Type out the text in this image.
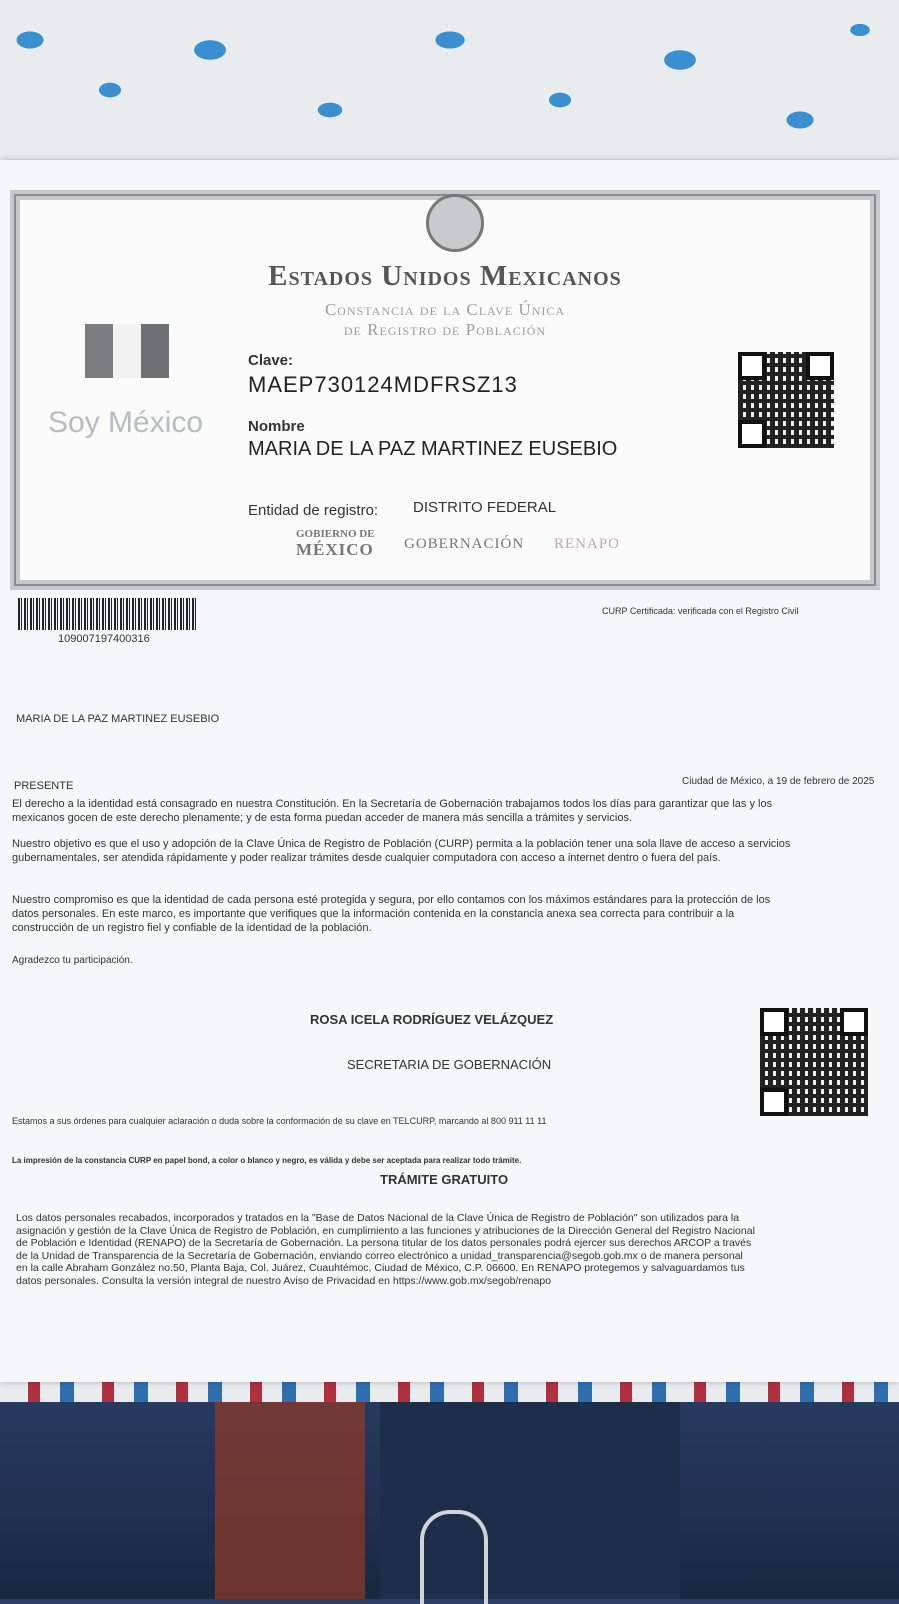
Estados Unidos Mexicanos
Constancia de la Clave Única
de Registro de Población
Soy México
Clave:
MAEP730124MDFRSZ13
Nombre
MARIA DE LA PAZ MARTINEZ EUSEBIO
Entidad de registro: DISTRITO FEDERAL
GOBIERNO DE
MÉXICO GOBERNACIÓN RENAPO
109007197400316
CURP Certificada: verificada con el Registro Civil
MARIA DE LA PAZ MARTINEZ EUSEBIO
PRESENTE	Ciudad de México, a 19 de febrero de 2025
El derecho a la identidad está consagrado en nuestra Constitución. En la Secretaría de Gobernación trabajamos todos los días para garantizar que las y los
mexicanos gocen de este derecho plenamente; y de esta forma puedan acceder de manera más sencilla a trámites y servicios.
Nuestro objetivo es que el uso y adopción de la Clave Única de Registro de Población (CURP) permita a la población tener una sola llave de acceso a servicios
gubernamentales, ser atendida rápidamente y poder realizar trámites desde cualquier computadora con acceso a internet dentro o fuera del país.
Nuestro compromiso es que la identidad de cada persona esté protegida y segura, por ello contamos con los máximos estándares para la protección de los
datos personales. En este marco, es importante que verifiques que la información contenida en la constancia anexa sea correcta para contribuir a la
construcción de un registro fiel y confiable de la identidad de la población.
Agradezco tu participación.
ROSA ICELA RODRÍGUEZ VELÁZQUEZ
SECRETARIA DE GOBERNACIÓN
Estamos a sus órdenes para cualquier aclaración o duda sobre la conformación de su clave en TELCURP, marcando al 800 911 11 11
La impresión de la constancia CURP en papel bond, a color o blanco y negro, es válida y debe ser aceptada para realizar todo trámite.
TRÁMITE GRATUITO
Los datos personales recabados, incorporados y tratados en la "Base de Datos Nacional de la Clave Única de Registro de Población" son utilizados para la
asignación y gestión de la Clave Única de Registro de Población, en cumplimiento a las funciones y atribuciones de la Dirección General del Registro Nacional
de Población e Identidad (RENAPO) de la Secretaría de Gobernación. La persona titular de los datos personales podrá ejercer sus derechos ARCOP a través
de la Unidad de Transparencia de la Secretaría de Gobernación, enviando correo electrónico a unidad_transparencia@segob.gob.mx o de manera personal
en la calle Abraham González no.50, Planta Baja, Col. Juárez, Cuauhtémoc, Ciudad de México, C.P. 06600. En RENAPO protegemos y salvaguardamos tus
datos personales. Consulta la versión integral de nuestro Aviso de Privacidad en https://www.gob.mx/segob/renapo
